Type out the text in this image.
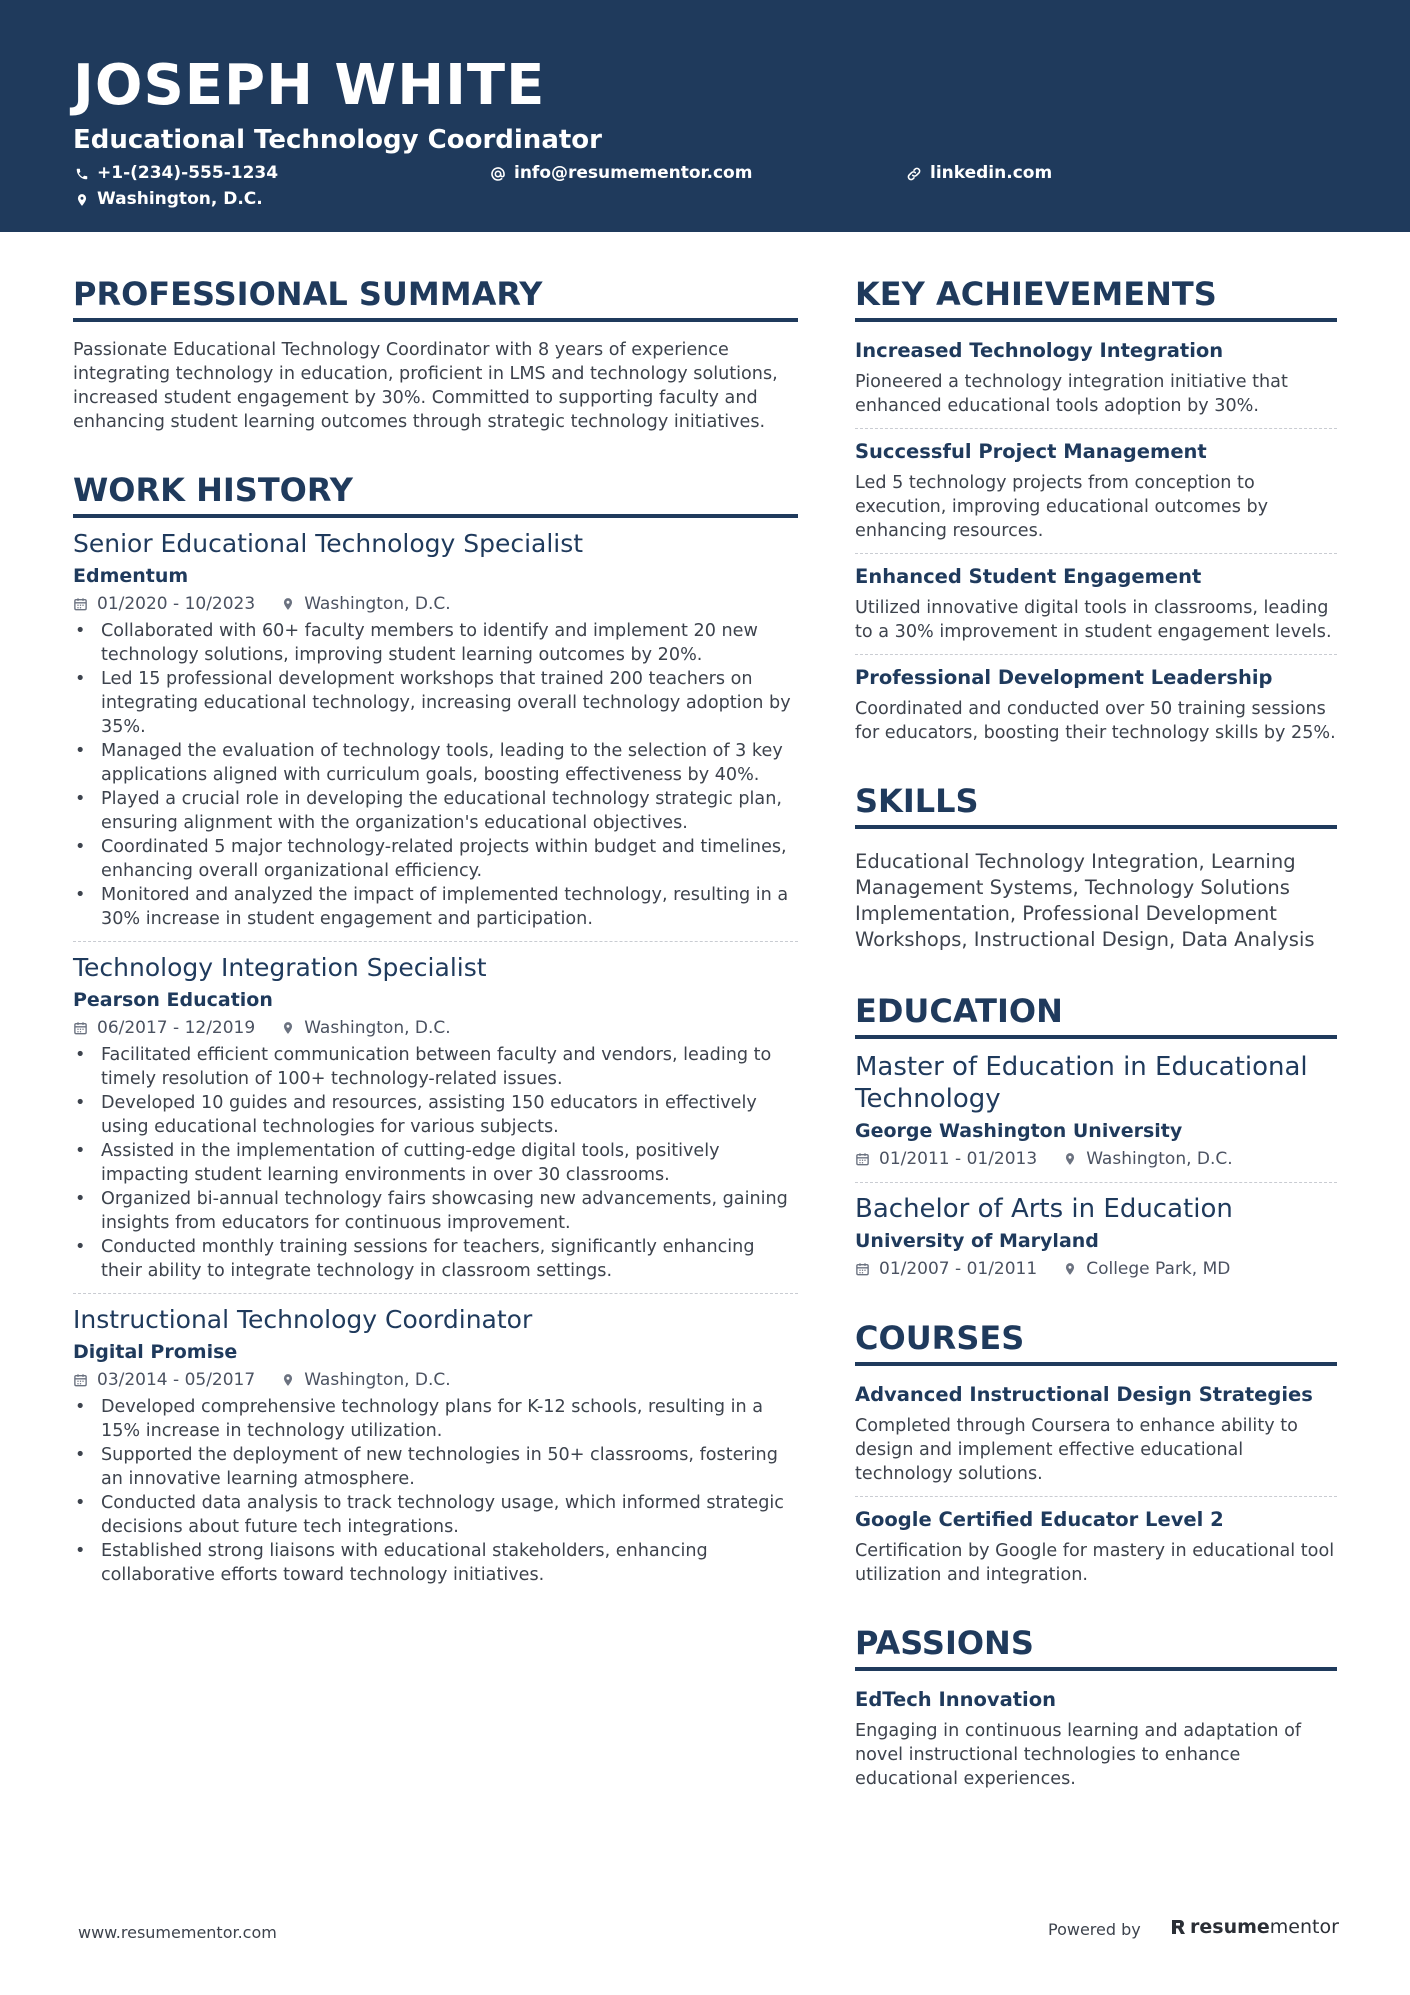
JOSEPH WHITE
Educational Technology Coordinator
+1-(234)-555-1234	info@resumementor.com	linkedin.com
Washington, D.C.
PROFESSIONAL SUMMARY

Passionate Educational Technology Coordinator with 8 years of experience integrating technology in education, proficient in LMS and technology solutions, increased student engagement by 30%. Committed to supporting faculty and enhancing student learning outcomes through strategic technology initiatives.

WORK HISTORY
Senior Educational Technology Specialist
Edmentum
01/2020 - 10/2023	Washington, D.C.
• Collaborated with 60+ faculty members to identify and implement 20 new technology solutions, improving student learning outcomes by 20%.
• Led 15 professional development workshops that trained 200 teachers on integrating educational technology, increasing overall technology adoption by 35%.
• Managed the evaluation of technology tools, leading to the selection of 3 key applications aligned with curriculum goals, boosting effectiveness by 40%.
• Played a crucial role in developing the educational technology strategic plan, ensuring alignment with the organization's educational objectives.
• Coordinated 5 major technology-related projects within budget and timelines, enhancing overall organizational efficiency.
• Monitored and analyzed the impact of implemented technology, resulting in a 30% increase in student engagement and participation.
Technology Integration Specialist
Pearson Education
06/2017 - 12/2019	Washington, D.C.
• Facilitated efficient communication between faculty and vendors, leading to timely resolution of 100+ technology-related issues.
• Developed 10 guides and resources, assisting 150 educators in effectively using educational technologies for various subjects.
• Assisted in the implementation of cutting-edge digital tools, positively impacting student learning environments in over 30 classrooms.
• Organized bi-annual technology fairs showcasing new advancements, gaining insights from educators for continuous improvement.
• Conducted monthly training sessions for teachers, significantly enhancing their ability to integrate technology in classroom settings.
Instructional Technology Coordinator
Digital Promise
03/2014 - 05/2017	Washington, D.C.
• Developed comprehensive technology plans for K-12 schools, resulting in a 15% increase in technology utilization.
• Supported the deployment of new technologies in 50+ classrooms, fostering an innovative learning atmosphere.
• Conducted data analysis to track technology usage, which informed strategic decisions about future tech integrations.
• Established strong liaisons with educational stakeholders, enhancing collaborative efforts toward technology initiatives.
KEY ACHIEVEMENTS
Increased Technology Integration

Pioneered a technology integration initiative that enhanced educational tools adoption by 30%.

Successful Project Management

Led 5 technology projects from conception to execution, improving educational outcomes by enhancing resources.

Enhanced Student Engagement

Utilized innovative digital tools in classrooms, leading to a 30% improvement in student engagement levels.

Professional Development Leadership

Coordinated and conducted over 50 training sessions for educators, boosting their technology skills by 25%.

SKILLS

Educational Technology Integration, Learning Management Systems, Technology Solutions Implementation, Professional Development Workshops, Instructional Design, Data Analysis

EDUCATION
Master of Education in Educational Technology
George Washington University
01/2011 - 01/2013	Washington, D.C.
Bachelor of Arts in Education
University of Maryland
01/2007 - 01/2011	College Park, MD
COURSES
Advanced Instructional Design Strategies

Completed through Coursera to enhance ability to design and implement effective educational technology solutions.

Google Certified Educator Level 2

Certification by Google for mastery in educational tool utilization and integration.

PASSIONS
EdTech Innovation

Engaging in continuous learning and adaptation of novel instructional technologies to enhance educational experiences.

www.resumementor.com	Powered by	resume mentor
